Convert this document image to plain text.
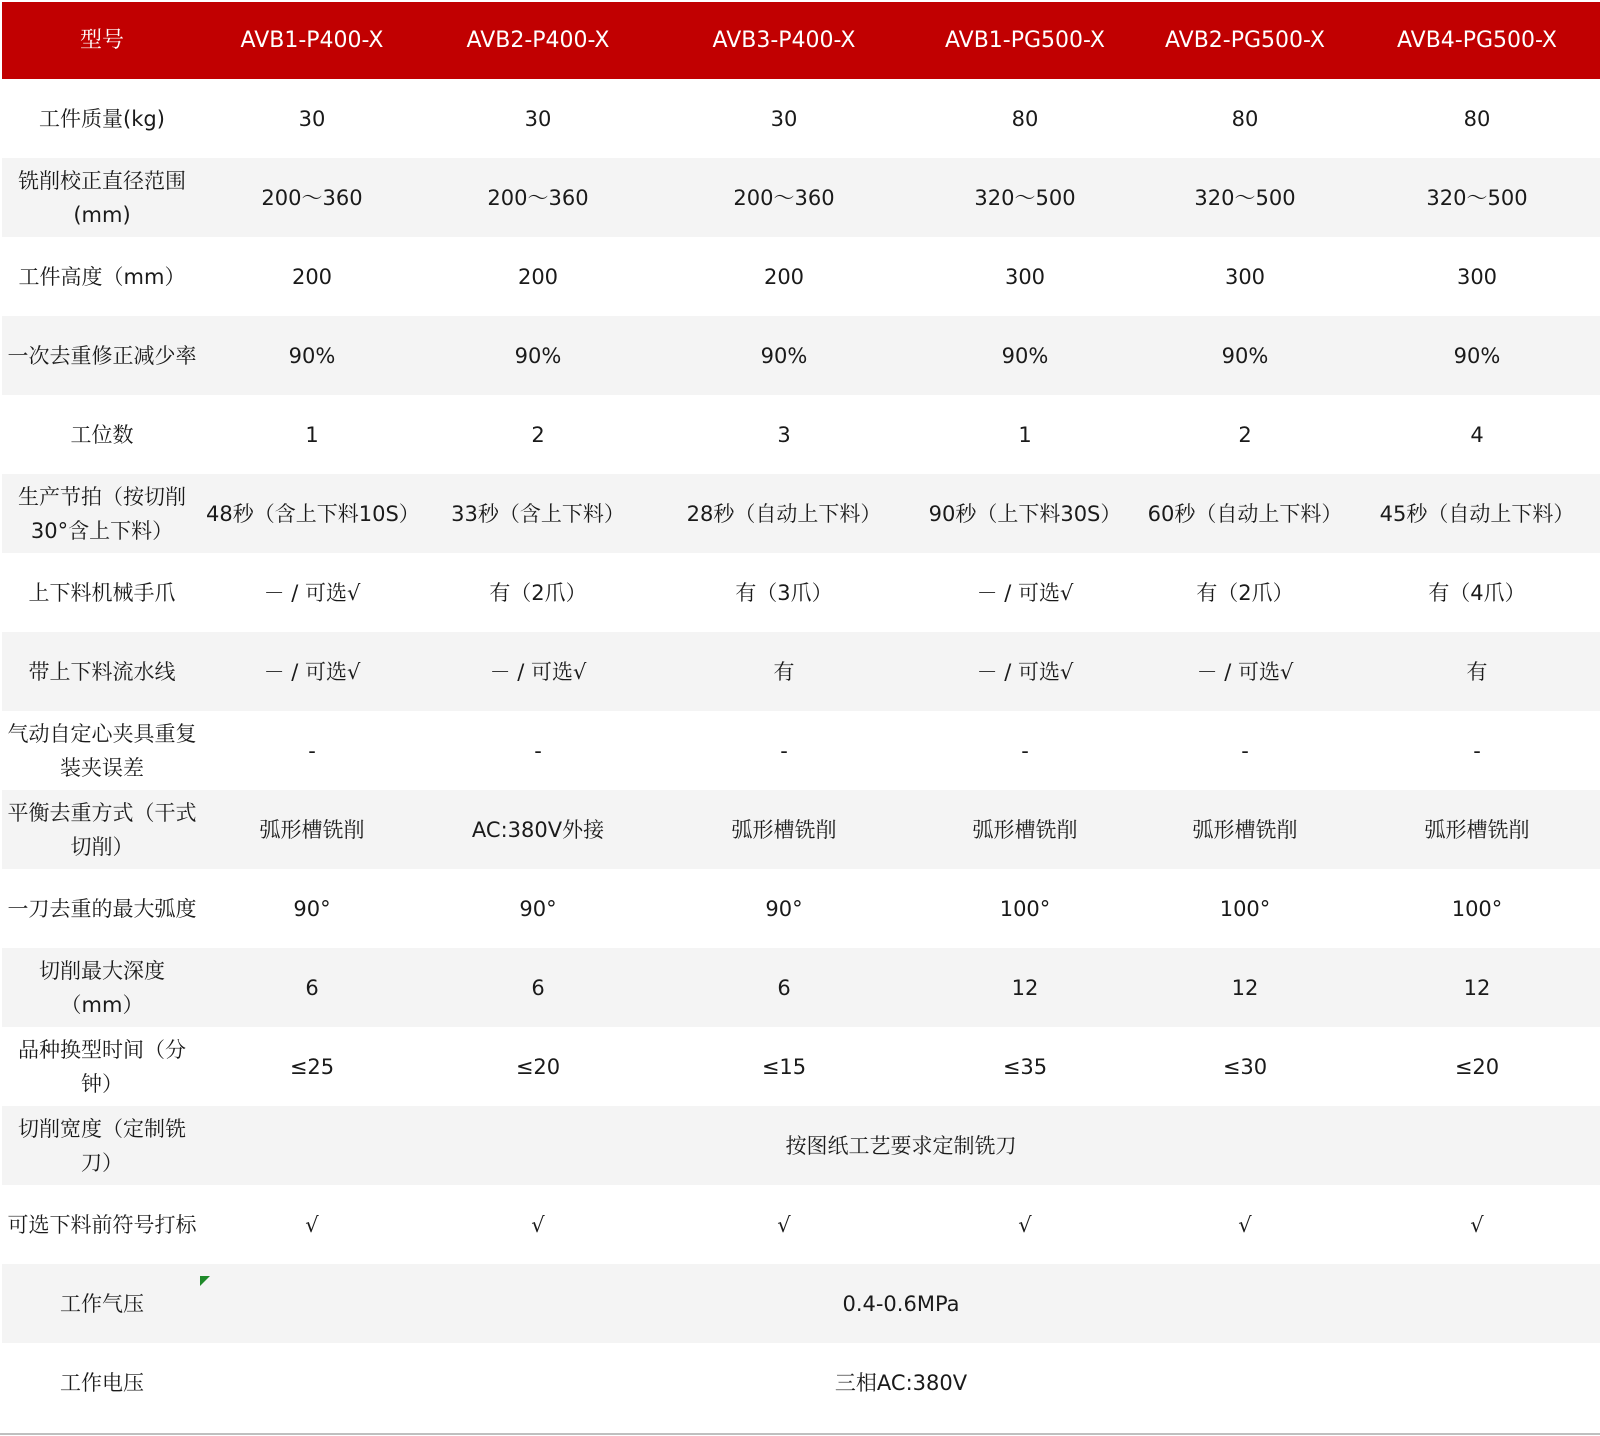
型号	AVB1-P400-X	AVB2-P400-X	AVB3-P400-X	AVB1-PG500-X	AVB2-PG500-X	AVB4-PG500-X
工件质量(kg)	30	30	30	80	80	80
铣削校正直径范围(mm)	200～360	200～360	200～360	320～500	320～500	320～500
工件高度（mm）	200	200	200	300	300	300
一次去重修正减少率	90%	90%	90%	90%	90%	90%
工位数	1	2	3	1	2	4
生产节拍（按切削30°含上下料）	48秒（含上下料10S）	33秒（含上下料）	28秒（自动上下料）	90秒（上下料30S）	60秒（自动上下料）	45秒（自动上下料）
上下料机械手爪	－ / 可选√	有（2爪）	有（3爪）	－ / 可选√	有（2爪）	有（4爪）
带上下料流水线	－ / 可选√	－ / 可选√	有	－ / 可选√	－ / 可选√	有
气动自定心夹具重复装夹误差	-	-	-	-	-	-
平衡去重方式（干式切削）	弧形槽铣削	AC:380V外接	弧形槽铣削	弧形槽铣削	弧形槽铣削	弧形槽铣削
一刀去重的最大弧度	90°	90°	90°	100°	100°	100°
切削最大深度（mm）	6	6	6	12	12	12
品种换型时间（分钟）	≤25	≤20	≤15	≤35	≤30	≤20
切削宽度（定制铣刀）	按图纸工艺要求定制铣刀					
可选下料前符号打标	√	√	√	√	√	√
工作气压	0.4-0.6MPa					
工作电压	三相AC:380V					
